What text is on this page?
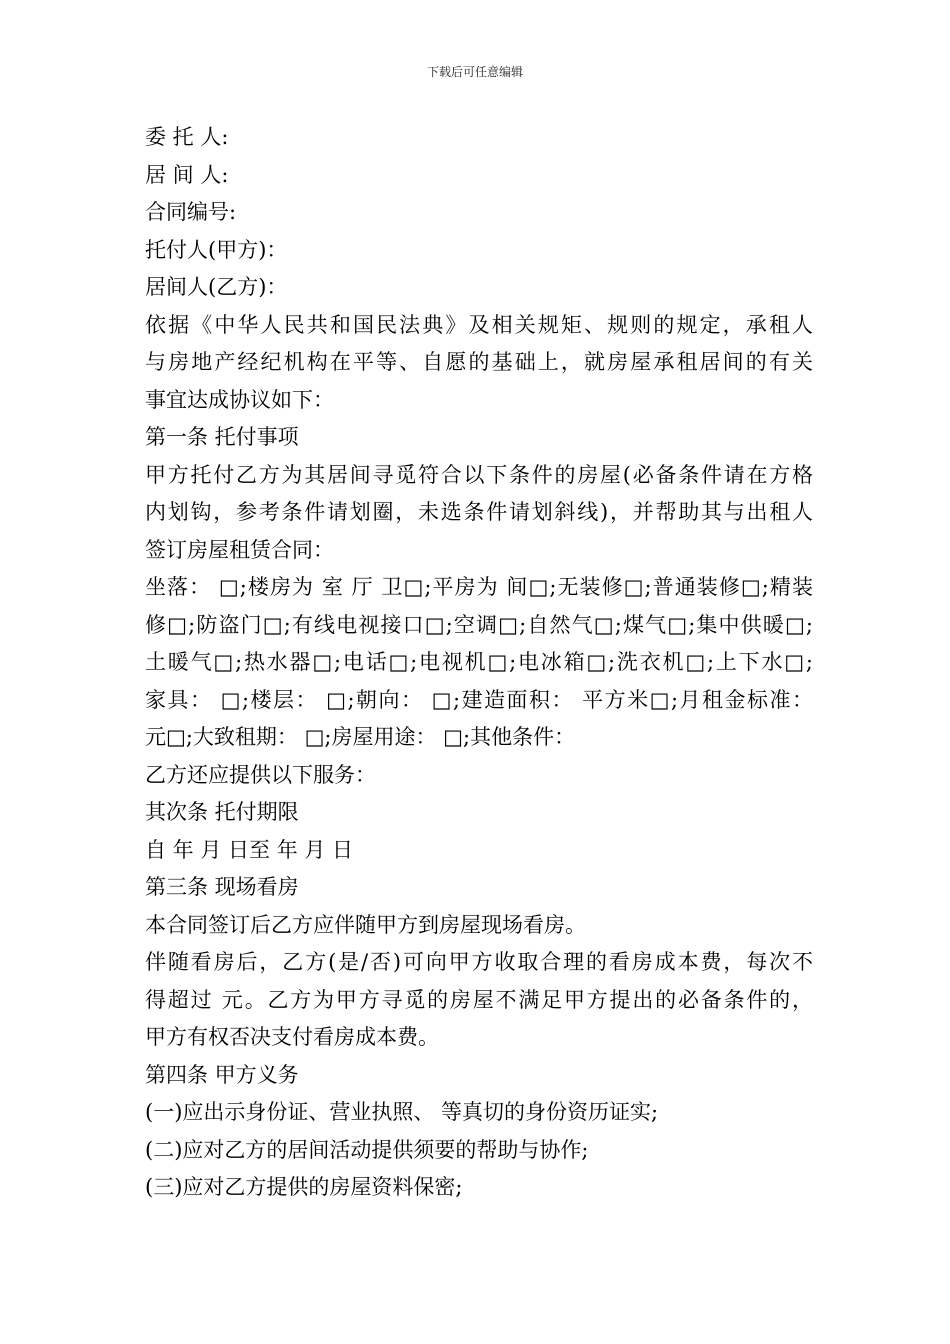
下载后可任意编辑
委 托 人:
居 间 人:
合同编号:
托付人(甲方)：
居间人(乙方)：
依据《中华人民共和国民法典》及相关规矩、规则的规定，承租人
与房地产经纪机构在平等、自愿的基础上，就房屋承租居间的有关
事宜达成协议如下：
第一条 托付事项
甲方托付乙方为其居间寻觅符合以下条件的房屋(必备条件请在方格
内划钩，参考条件请划圈，未选条件请划斜线)，并帮助其与出租人
签订房屋租赁合同：
坐落： □;楼房为 室 厅 卫□;平房为 间□;无装修□;普通装修□;精装
修□;防盗门□;有线电视接口□;空调□;自然气□;煤气□;集中供暖□;
土暖气□;热水器□;电话□;电视机□;电冰箱□;洗衣机□;上下水□;
家具： □;楼层： □;朝向： □;建造面积： 平方米□;月租金标准：
元□;大致租期： □;房屋用途： □;其他条件：
乙方还应提供以下服务：
其次条 托付期限
自 年 月 日至 年 月 日
第三条 现场看房
本合同签订后乙方应伴随甲方到房屋现场看房。
伴随看房后，乙方(是/否)可向甲方收取合理的看房成本费，每次不
得超过 元。乙方为甲方寻觅的房屋不满足甲方提出的必备条件的，
甲方有权否决支付看房成本费。
第四条 甲方义务
(一)应出示身份证、营业执照、 等真切的身份资历证实;
(二)应对乙方的居间活动提供须要的帮助与协作;
(三)应对乙方提供的房屋资料保密;
